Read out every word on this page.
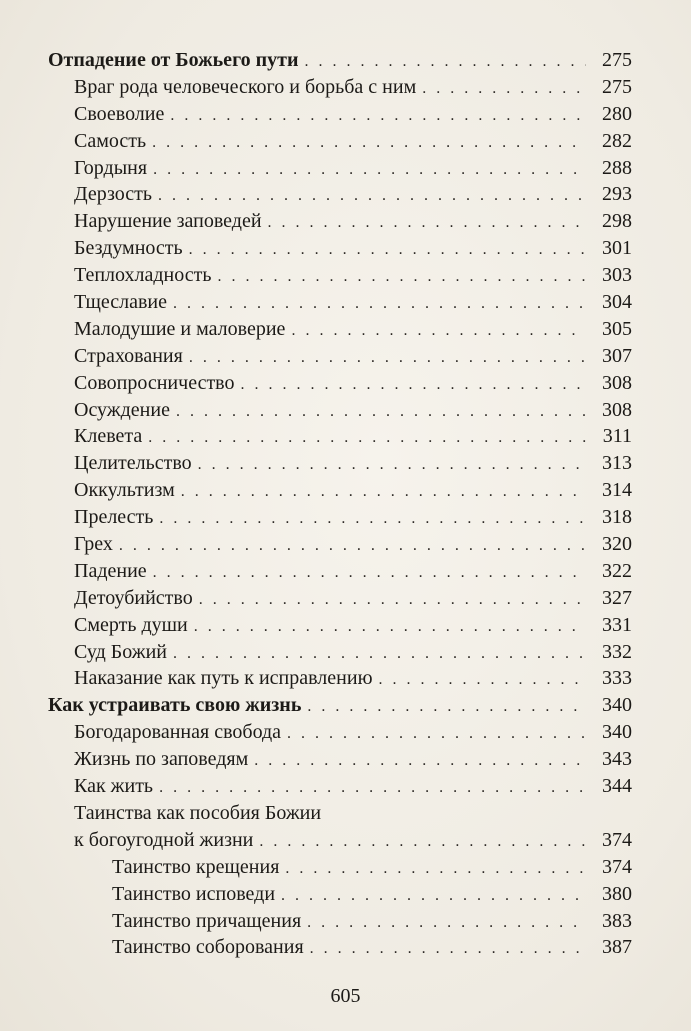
Отпадение от Божьего пути . . .	275
Враг рода человеческого и борьба с ним . . .	275
Своеволие . . .	280
Самость . . .	282
Гордыня . . .	288
Дерзость . . .	293
Нарушение заповедей . . .	298
Бездумность . . .	301
Теплохладность . . .	303
Тщеславие . . .	304
Малодушие и маловерие . . .	305
Страхования . . .	307
Совопросничество . . .	308
Осуждение . . .	308
Клевета . . .	311
Целительство . . .	313
Оккультизм . . .	314
Прелесть . . .	318
Грех . . .	320
Падение . . .	322
Детоубийство . . .	327
Смерть души . . .	331
Суд Божий . . .	332
Наказание как путь к исправлению . . .	333
Как устраивать свою жизнь . . .	340
Богодарованная свобода . . .	340
Жизнь по заповедям . . .	343
Как жить . . .	344
Таинства как пособия Божии
к богоугодной жизни . . .	374
Таинство крещения . . .	374
Таинство исповеди . . .	380
Таинство причащения . . .	383
Таинство соборования . . .	387
605
